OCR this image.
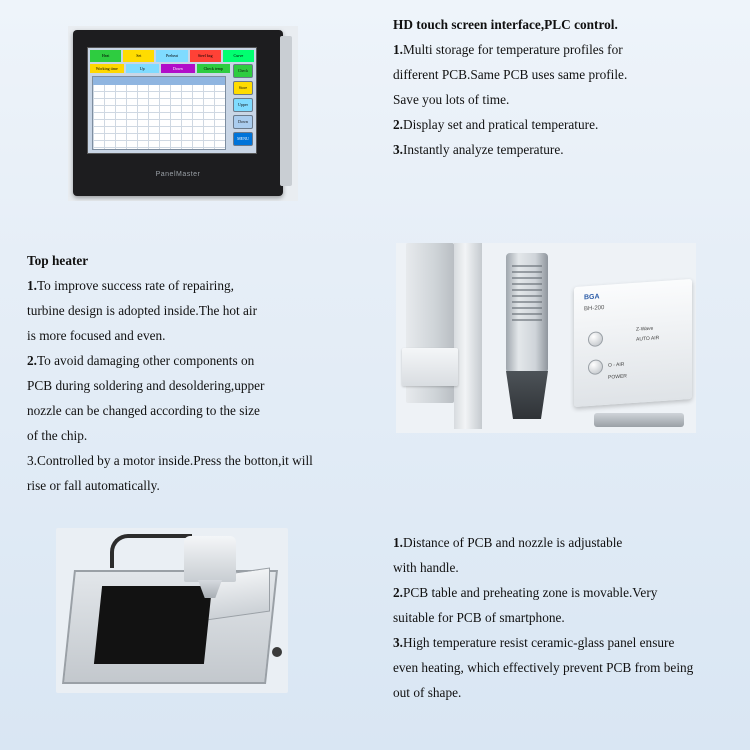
Heat	Set	Preheat	Steel bag	Curve
Working time	Up	Down	Check temp	Check
Store
Upper
Down
MENU
PanelMaster
HD touch screen interface,PLC control.

1.Multi storage for temperature profiles for

different PCB.Same PCB uses same profile.

Save you lots of time.

2.Display set and pratical temperature.

3.Instantly analyze temperature.

Top heater

1.To improve success rate of repairing,

turbine design is adopted inside.The hot air

is more focused and even.

2.To avoid damaging other components on

PCB during soldering and desoldering,upper

nozzle can be changed according to the size

of the chip.

3.Controlled by a motor inside.Press the botton,it will

rise or fall automatically.

BGA
BH-200
Z-Wave
AUTO AIR
O - AIR
POWER

1.Distance of PCB and nozzle is adjustable

with handle.

2.PCB table and preheating zone is movable.Very

suitable for PCB of smartphone.

3.High temperature resist ceramic-glass panel ensure

even heating, which effectively prevent PCB from being

out of shape.
